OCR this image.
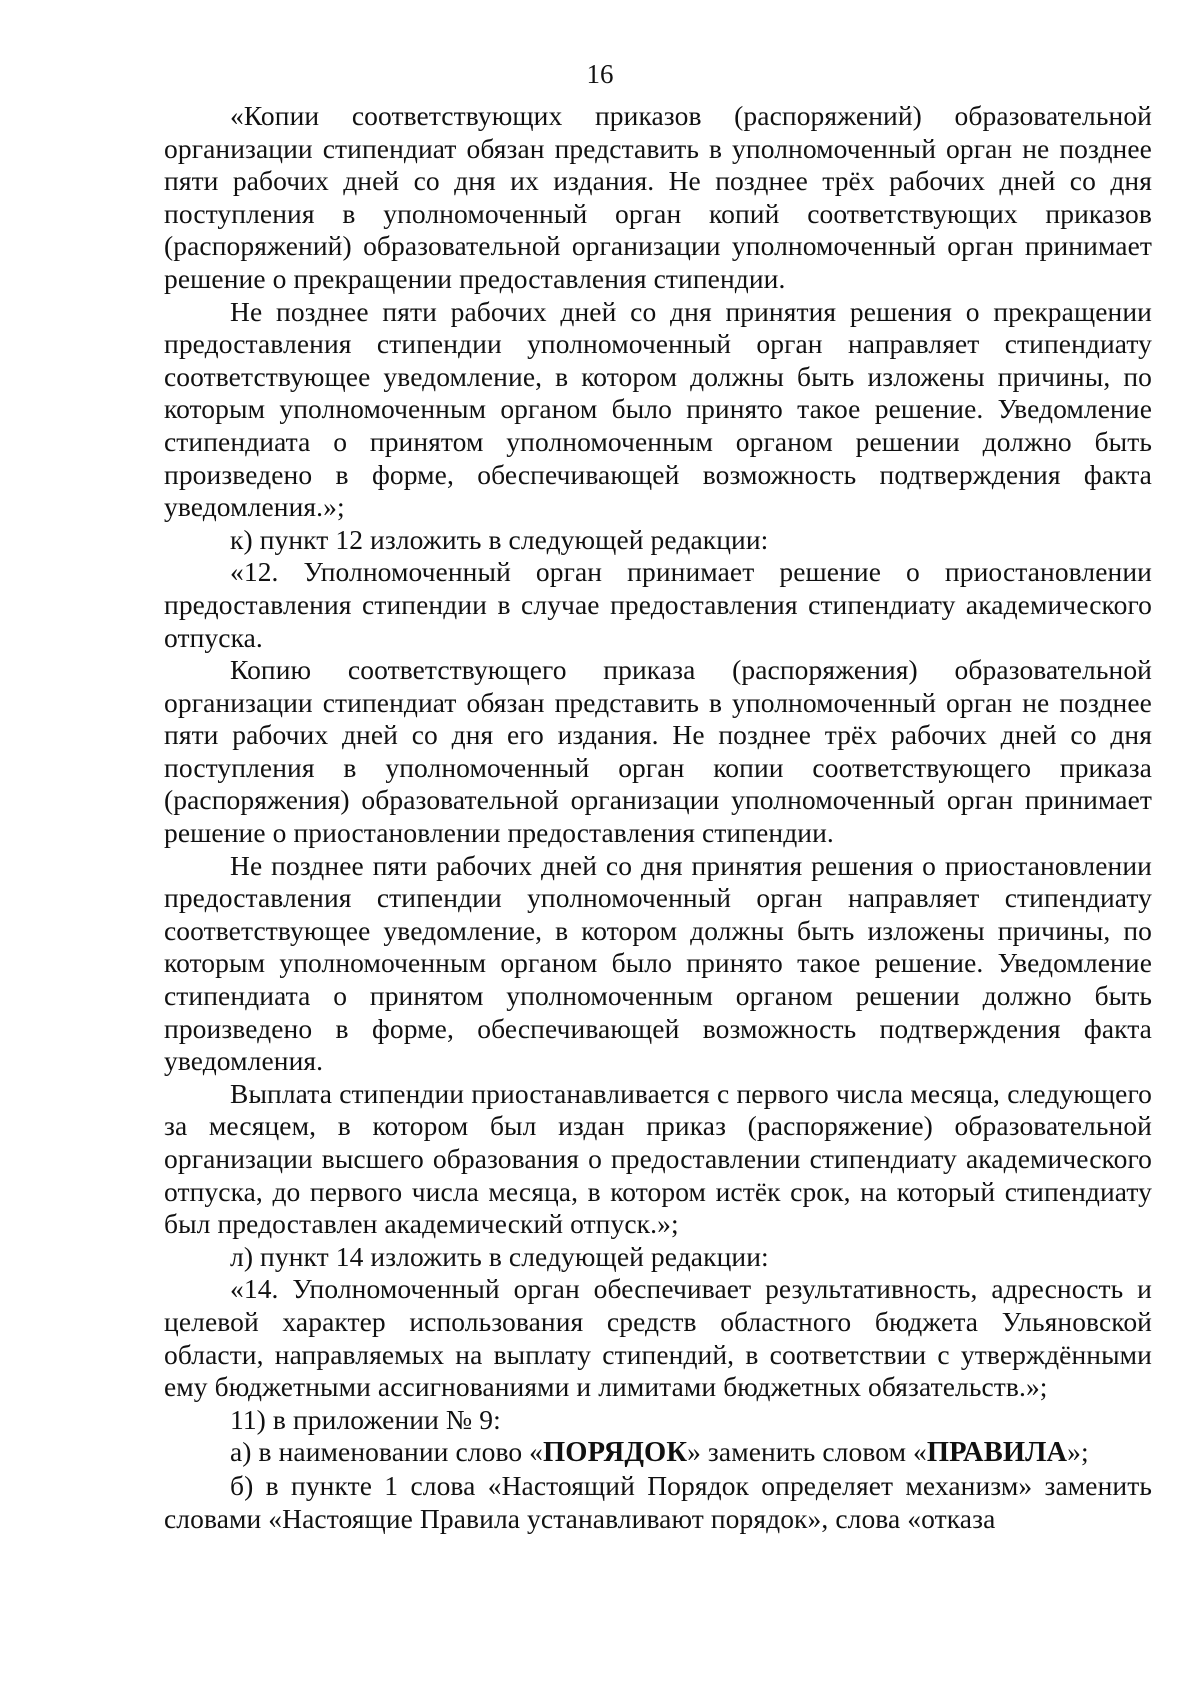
16

«Копии соответствующих приказов (распоряжений) образовательной организации стипендиат обязан представить в уполномоченный орган не позднее пяти рабочих дней со дня их издания. Не позднее трёх рабочих дней со дня поступления в уполномоченный орган копий соответствующих приказов (распоряжений) образовательной организации уполномоченный орган принимает решение о прекращении предоставления стипендии.

Не позднее пяти рабочих дней со дня принятия решения о прекращении предоставления стипендии уполномоченный орган направляет стипендиату соответствующее уведомление, в котором должны быть изложены причины, по которым уполномоченным органом было принято такое решение. Уведомление стипендиата о принятом уполномоченным органом решении должно быть произведено в форме, обеспечивающей возможность подтверждения факта уведомления.»;

к) пункт 12 изложить в следующей редакции:

«12. Уполномоченный орган принимает решение о приостановлении предоставления стипендии в случае предоставления стипендиату академического отпуска.

Копию соответствующего приказа (распоряжения) образовательной организации стипендиат обязан представить в уполномоченный орган не позднее пяти рабочих дней со дня его издания. Не позднее трёх рабочих дней со дня поступления в уполномоченный орган копии соответствующего приказа (распоряжения) образовательной организации уполномоченный орган принимает решение о приостановлении предоставления стипендии.

Не позднее пяти рабочих дней со дня принятия решения о приостановлении предоставления стипендии уполномоченный орган направляет стипендиату соответствующее уведомление, в котором должны быть изложены причины, по которым уполномоченным органом было принято такое решение. Уведомление стипендиата о принятом уполномоченным органом решении должно быть произведено в форме, обеспечивающей возможность подтверждения факта уведомления.

Выплата стипендии приостанавливается с первого числа месяца, следующего за месяцем, в котором был издан приказ (распоряжение) образовательной организации высшего образования о предоставлении стипендиату академического отпуска, до первого числа месяца, в котором истёк срок, на который стипендиату был предоставлен академический отпуск.»;

л) пункт 14 изложить в следующей редакции:

«14. Уполномоченный орган обеспечивает результативность, адресность и целевой характер использования средств областного бюджета Ульяновской области, направляемых на выплату стипендий, в соответствии с утверждёнными ему бюджетными ассигнованиями и лимитами бюджетных обязательств.»;

11) в приложении № 9:

а) в наименовании слово «ПОРЯДОК» заменить словом «ПРАВИЛА»;

б) в пункте 1 слова «Настоящий Порядок определяет механизм» заменить словами «Настоящие Правила устанавливают порядок», слова «отказа
